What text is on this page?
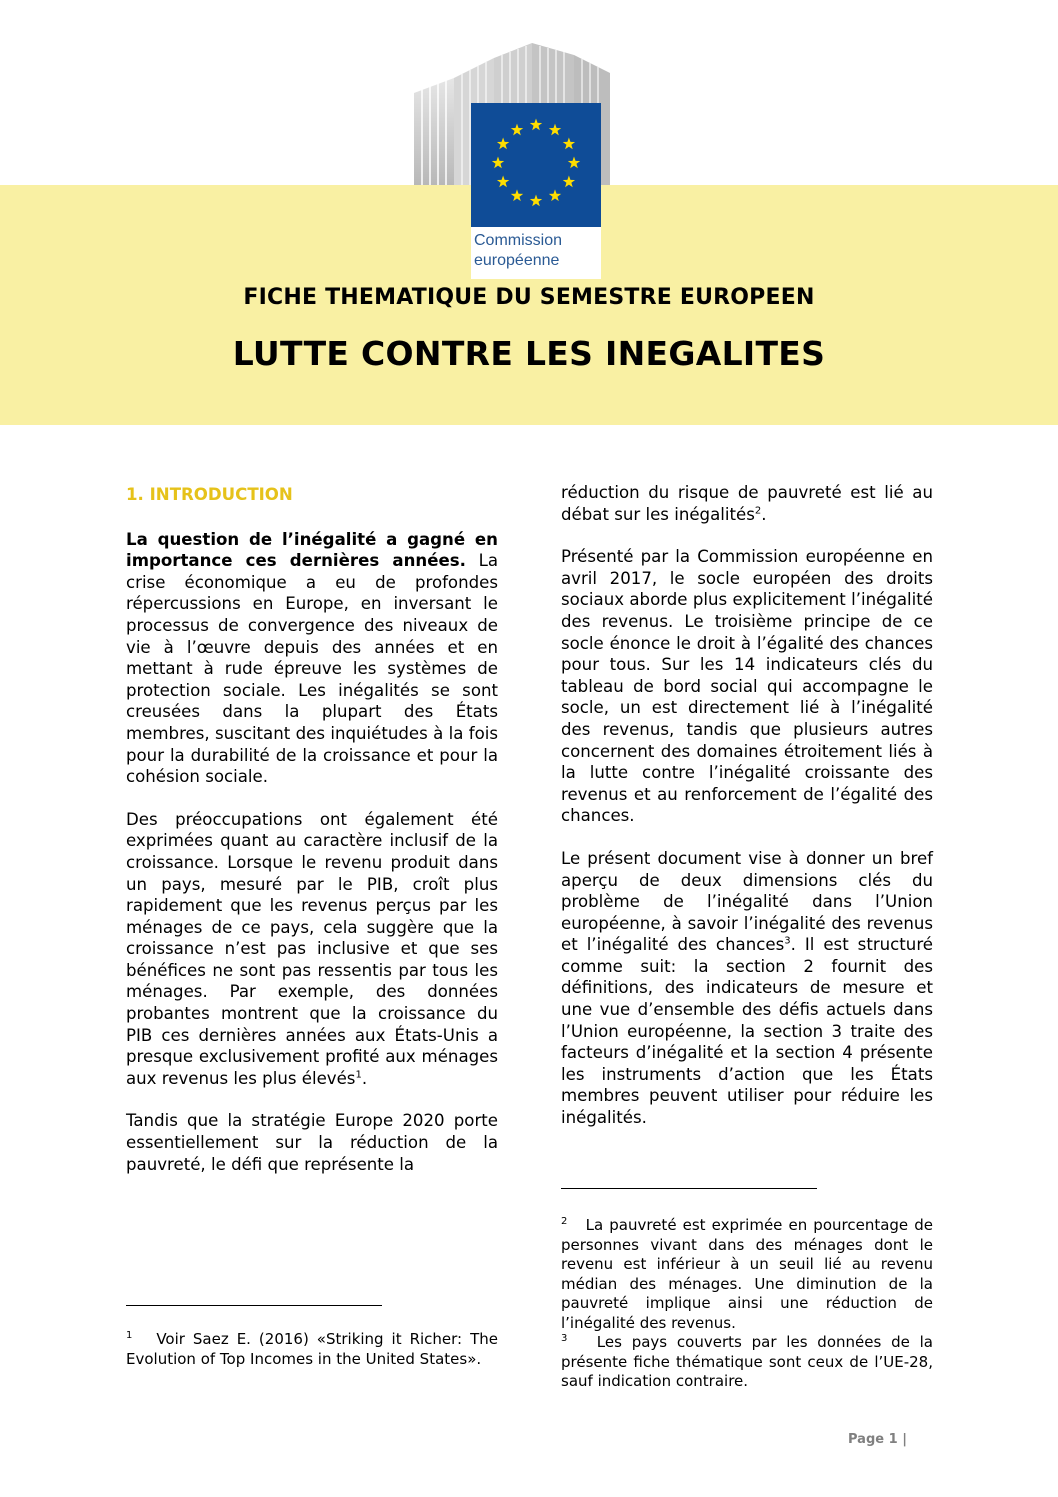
Commission
européenne
FICHE THEMATIQUE DU SEMESTRE EUROPEEN
LUTTE CONTRE LES INEGALITES
1. INTRODUCTION

La question de l’inégalité a gagné en importance ces dernières années. La crise économique a eu de profondes répercussions en Europe, en inversant le processus de convergence des niveaux de vie à l’œuvre depuis des années et en mettant à rude épreuve les systèmes de protection sociale. Les inégalités se sont creusées dans la plupart des États membres, suscitant des inquiétudes à la fois pour la durabilité de la croissance et pour la cohésion sociale.

Des préoccupations ont également été exprimées quant au caractère inclusif de la croissance. Lorsque le revenu produit dans un pays, mesuré par le PIB, croît plus rapidement que les revenus perçus par les ménages de ce pays, cela suggère que la croissance n’est pas inclusive et que ses bénéfices ne sont pas ressentis par tous les ménages. Par exemple, des données probantes montrent que la croissance du PIB ces dernières années aux États-Unis a presque exclusivement profité aux ménages aux revenus les plus élevés$^1$.

Tandis que la stratégie Europe 2020 porte essentiellement sur la réduction de la pauvreté, le défi que représente la

réduction du risque de pauvreté est lié au débat sur les inégalités$^2$.

Présenté par la Commission européenne en avril 2017, le socle européen des droits sociaux aborde plus explicitement l’inégalité des revenus. Le troisième principe de ce socle énonce le droit à l’égalité des chances pour tous. Sur les 14 indicateurs clés du tableau de bord social qui accompagne le socle, un est directement lié à l’inégalité des revenus, tandis que plusieurs autres concernent des domaines étroitement liés à la lutte contre l’inégalité croissante des revenus et au renforcement de l’égalité des chances.

Le présent document vise à donner un bref aperçu de deux dimensions clés du problème de l’inégalité dans l’Union européenne, à savoir l’inégalité des revenus et l’inégalité des chances$^3$. Il est structuré comme suit: la section 2 fournit des définitions, des indicateurs de mesure et une vue d’ensemble des défis actuels dans l’Union européenne, la section 3 traite des facteurs d’inégalité et la section 4 présente les instruments d’action que les États membres peuvent utiliser pour réduire les inégalités.

$^1$ Voir Saez E. (2016) «Striking it Richer: The Evolution of Top Incomes in the United States».
$^2$ La pauvreté est exprimée en pourcentage de personnes vivant dans des ménages dont le revenu est inférieur à un seuil lié au revenu médian des ménages. Une diminution de la pauvreté implique ainsi une réduction de l’inégalité des revenus.
$^3$ Les pays couverts par les données de la présente fiche thématique sont ceux de l’UE-28, sauf indication contraire.
Page 1 |
